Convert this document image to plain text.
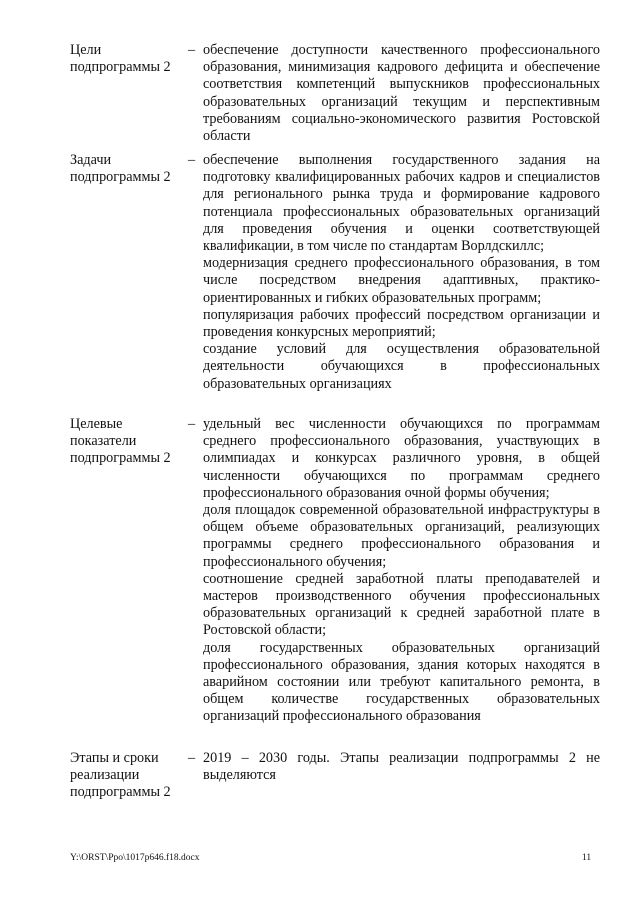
Цели подпрограммы 2
– обеспечение доступности качественного профессионального образования, минимизация кадрового дефицита и обеспечение соответствия компетенций выпускников профессиональных образовательных организаций текущим и перспективным требованиям социально-экономического развития Ростовской области

Задачи подпрограммы 2
– обеспечение выполнения государственного задания на подготовку квалифицированных рабочих кадров и специалистов для регионального рынка труда и формирование кадрового потенциала профессиональных образовательных организаций для проведения обучения и оценки соответствующей квалификации, в том числе по стандартам Ворлдскиллс;

модернизация среднего профессионального образования, в том числе посредством внедрения адаптивных, практико-ориентированных и гибких образовательных программ;

популяризация рабочих профессий посредством организации и проведения конкурсных мероприятий;

создание условий для осуществления образовательной деятельности обучающихся в профессиональных образовательных организациях

Целевые показатели подпрограммы 2
– удельный вес численности обучающихся по программам среднего профессионального образования, участвующих в олимпиадах и конкурсах различного уровня, в общей численности обучающихся по программам среднего профессионального образования очной формы обучения;

доля площадок современной образовательной инфраструктуры в общем объеме образовательных организаций, реализующих программы среднего профессионального образования и профессионального обучения;

соотношение средней заработной платы преподавателей и мастеров производственного обучения профессиональных образовательных организаций к средней заработной плате в Ростовской области;

доля государственных образовательных организаций профессионального образования, здания которых находятся в аварийном состоянии или требуют капитального ремонта, в общем количестве государственных образовательных организаций профессионального образования

Этапы и сроки реализации подпрограммы 2
– 2019 – 2030 годы. Этапы реализации подпрограммы 2 не выделяются

Y:\ORST\Ppo\1017p646.f18.docx	11
